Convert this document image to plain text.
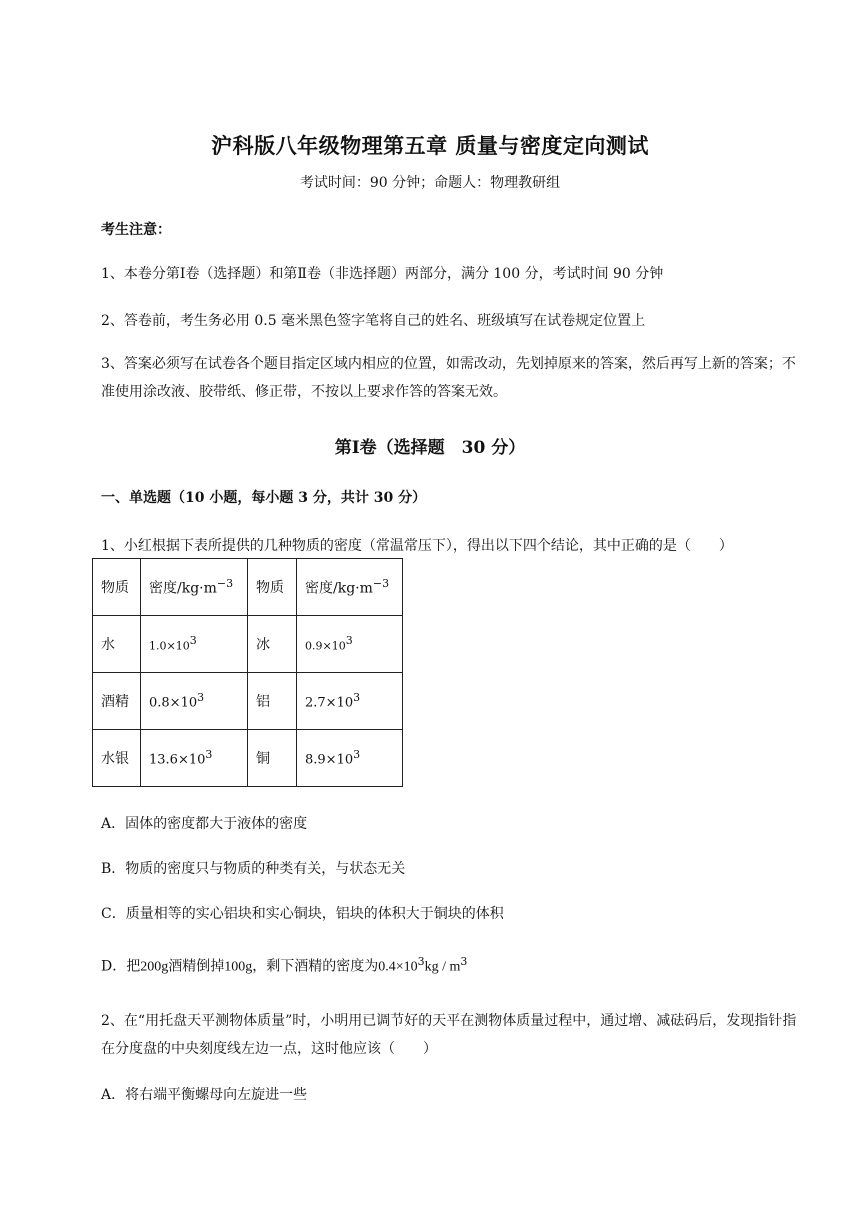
沪科版八年级物理第五章 质量与密度定向测试
考试时间：90 分钟；命题人：物理教研组
考生注意：
1、本卷分第Ⅰ卷（选择题）和第Ⅱ卷（非选择题）两部分，满分 100 分，考试时间 90 分钟
2、答卷前，考生务必用 0.5 毫米黑色签字笔将自己的姓名、班级填写在试卷规定位置上
3、答案必须写在试卷各个题目指定区域内相应的位置，如需改动，先划掉原来的答案，然后再写上新的答案；不准使用涂改液、胶带纸、修正带，不按以上要求作答的答案无效。
第Ⅰ卷（选择题　30 分）
一、单选题（10 小题，每小题 3 分，共计 30 分）
1、小红根据下表所提供的几种物质的密度（常温常压下），得出以下四个结论，其中正确的是（　　）
物质	密度$/kg\cdot m^{-3}$	物质	密度$/kg\cdot m^{-3}$
水	$1.0\times 10^3$	冰	$0.9\times 10^3$
酒精	$0.8\times 10^3$	铝	$2.7\times 10^3$
水银	$13.6\times 10^3$	铜	$8.9\times 10^3$
A．固体的密度都大于液体的密度
B．物质的密度只与物质的种类有关，与状态无关
C．质量相等的实心铝块和实心铜块，铝块的体积大于铜块的体积
D．把200g酒精倒掉100g，剩下酒精的密度为$0.4\times 10^3kg / m^3$
2、在“用托盘天平测物体质量”时，小明用已调节好的天平在测物体质量过程中，通过增、减砝码后，发现指针指在分度盘的中央刻度线左边一点，这时他应该（　　）
A．将右端平衡螺母向左旋进一些
